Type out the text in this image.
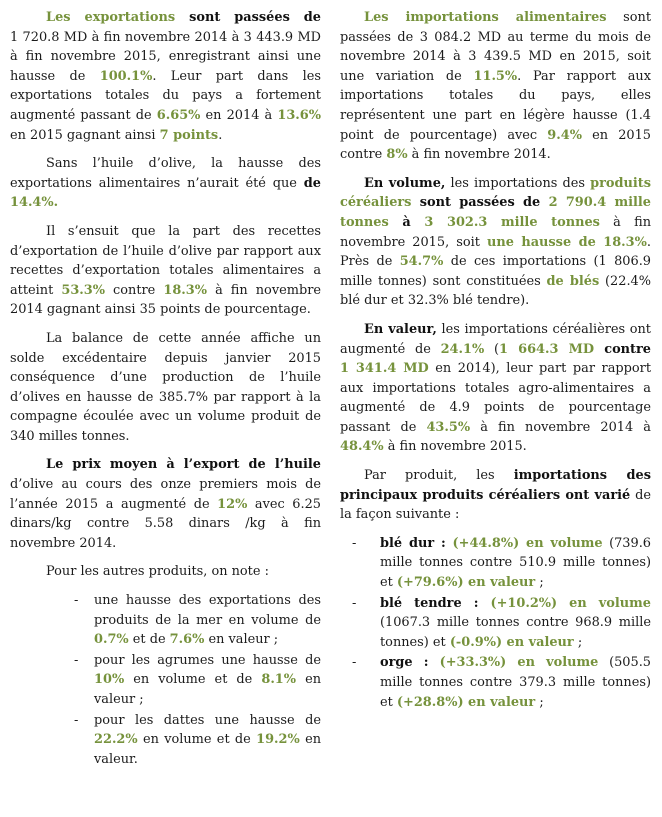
Les exportations sont passées de 1 720.8 MD à fin novembre 2014 à 3 443.9 MD à fin novembre 2015, enregistrant ainsi une hausse de 100.1%. Leur part dans les exportations totales du pays a fortement augmenté passant de 6.65% en 2014 à 13.6% en 2015 gagnant ainsi 7 points.
Sans l’huile d’olive, la hausse des exportations alimentaires n’aurait été que de 14.4%.
Il s’ensuit que la part des recettes d’exportation de l’huile d’olive par rapport aux recettes d’exportation totales alimentaires a atteint 53.3% contre 18.3% à fin novembre 2014 gagnant ainsi 35 points de pourcentage.
La balance de cette année affiche un solde excédentaire depuis janvier 2015 conséquence d’une production de l’huile d’olives en hausse de 385.7% par rapport à la compagne écoulée avec un volume produit de 340 milles tonnes.
Le prix moyen à l’export de l’huile d’olive au cours des onze premiers mois de l’année 2015 a augmenté de 12% avec 6.25 dinars/kg contre 5.58 dinars /kg à fin novembre 2014.
Pour les autres produits, on note :
- une hausse des exportations des produits de la mer en volume de 0.7% et de 7.6% en valeur ;
- pour les agrumes une hausse de 10% en volume et de 8.1% en valeur ;
- pour les dattes une hausse de 22.2% en volume et de 19.2% en valeur.
Les importations alimentaires sont passées de 3 084.2 MD au terme du mois de novembre 2014 à 3 439.5 MD en 2015, soit une variation de 11.5%. Par rapport aux importations totales du pays, elles représentent une part en légère hausse (1.4 point de pourcentage) avec 9.4% en 2015 contre 8% à fin novembre 2014.
En volume, les importations des produits céréaliers sont passées de 2 790.4 mille tonnes à 3 302.3 mille tonnes à fin novembre 2015, soit une hausse de 18.3%. Près de 54.7% de ces importations (1 806.9 mille tonnes) sont constituées de blés (22.4% blé dur et 32.3% blé tendre).
En valeur, les importations céréalières ont augmenté de 24.1% (1 664.3 MD contre 1 341.4 MD en 2014), leur part par rapport aux importations totales agro-alimentaires a augmenté de 4.9 points de pourcentage passant de 43.5% à fin novembre 2014 à 48.4% à fin novembre 2015.
Par produit, les importations des principaux produits céréaliers ont varié de la façon suivante :
- blé dur : (+44.8%) en volume (739.6 mille tonnes contre 510.9 mille tonnes) et (+79.6%) en valeur ;
- blé tendre : (+10.2%) en volume (1067.3 mille tonnes contre 968.9 mille tonnes) et (-0.9%) en valeur ;
- orge : (+33.3%) en volume (505.5 mille tonnes contre 379.3 mille tonnes) et (+28.8%) en valeur ;
